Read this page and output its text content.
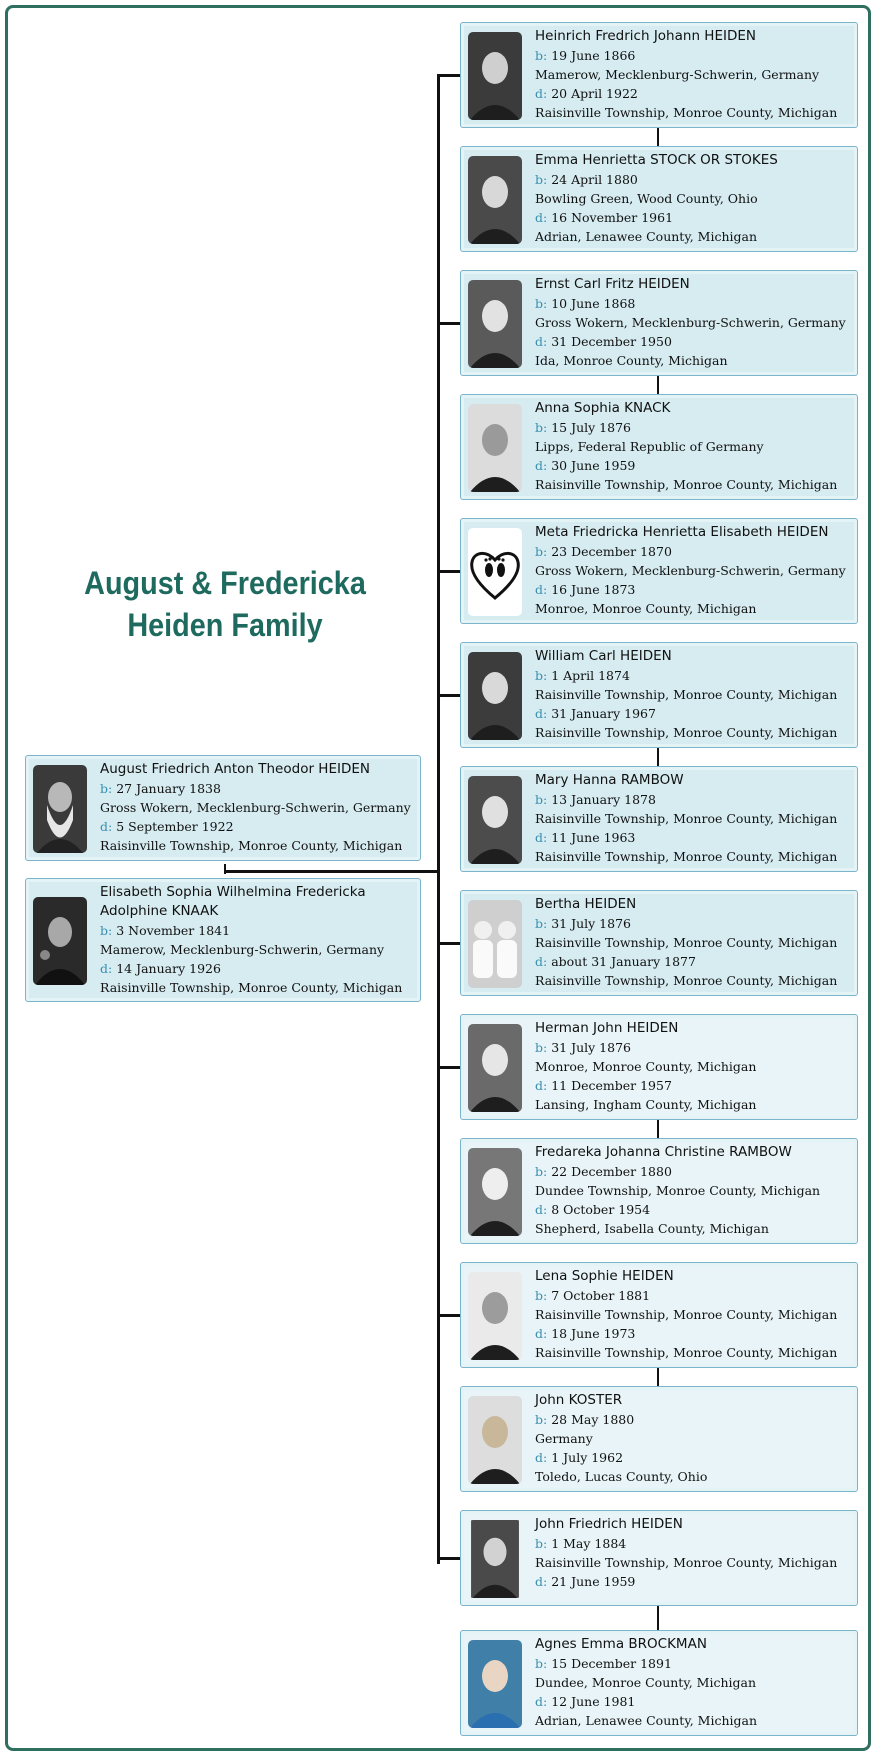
August & Fredericka Heiden Family
August Friedrich Anton Theodor HEIDEN
b: 27 January 1838
Gross Wokern, Mecklenburg-Schwerin, Germany
d: 5 September 1922
Raisinville Township, Monroe County, Michigan
Elisabeth Sophia Wilhelmina Fredericka
Adolphine KNAAK
b: 3 November 1841
Mamerow, Mecklenburg-Schwerin, Germany
d: 14 January 1926
Raisinville Township, Monroe County, Michigan
Heinrich Fredrich Johann HEIDEN
b: 19 June 1866
Mamerow, Mecklenburg-Schwerin, Germany
d: 20 April 1922
Raisinville Township, Monroe County, Michigan
Emma Henrietta STOCK OR STOKES
b: 24 April 1880
Bowling Green, Wood County, Ohio
d: 16 November 1961
Adrian, Lenawee County, Michigan
Ernst Carl Fritz HEIDEN
b: 10 June 1868
Gross Wokern, Mecklenburg-Schwerin, Germany
d: 31 December 1950
Ida, Monroe County, Michigan
Anna Sophia KNACK
b: 15 July 1876
Lipps, Federal Republic of Germany
d: 30 June 1959
Raisinville Township, Monroe County, Michigan
Meta Friedricka Henrietta Elisabeth HEIDEN
b: 23 December 1870
Gross Wokern, Mecklenburg-Schwerin, Germany
d: 16 June 1873
Monroe, Monroe County, Michigan
William Carl HEIDEN
b: 1 April 1874
Raisinville Township, Monroe County, Michigan
d: 31 January 1967
Raisinville Township, Monroe County, Michigan
Mary Hanna RAMBOW
b: 13 January 1878
Raisinville Township, Monroe County, Michigan
d: 11 June 1963
Raisinville Township, Monroe County, Michigan
Bertha HEIDEN
b: 31 July 1876
Raisinville Township, Monroe County, Michigan
d: about 31 January 1877
Raisinville Township, Monroe County, Michigan
Herman John HEIDEN
b: 31 July 1876
Monroe, Monroe County, Michigan
d: 11 December 1957
Lansing, Ingham County, Michigan
Fredareka Johanna Christine RAMBOW
b: 22 December 1880
Dundee Township, Monroe County, Michigan
d: 8 October 1954
Shepherd, Isabella County, Michigan
Lena Sophie HEIDEN
b: 7 October 1881
Raisinville Township, Monroe County, Michigan
d: 18 June 1973
Raisinville Township, Monroe County, Michigan
John KOSTER
b: 28 May 1880
Germany
d: 1 July 1962
Toledo, Lucas County, Ohio
John Friedrich HEIDEN
b: 1 May 1884
Raisinville Township, Monroe County, Michigan
d: 21 June 1959
Agnes Emma BROCKMAN
b: 15 December 1891
Dundee, Monroe County, Michigan
d: 12 June 1981
Adrian, Lenawee County, Michigan
